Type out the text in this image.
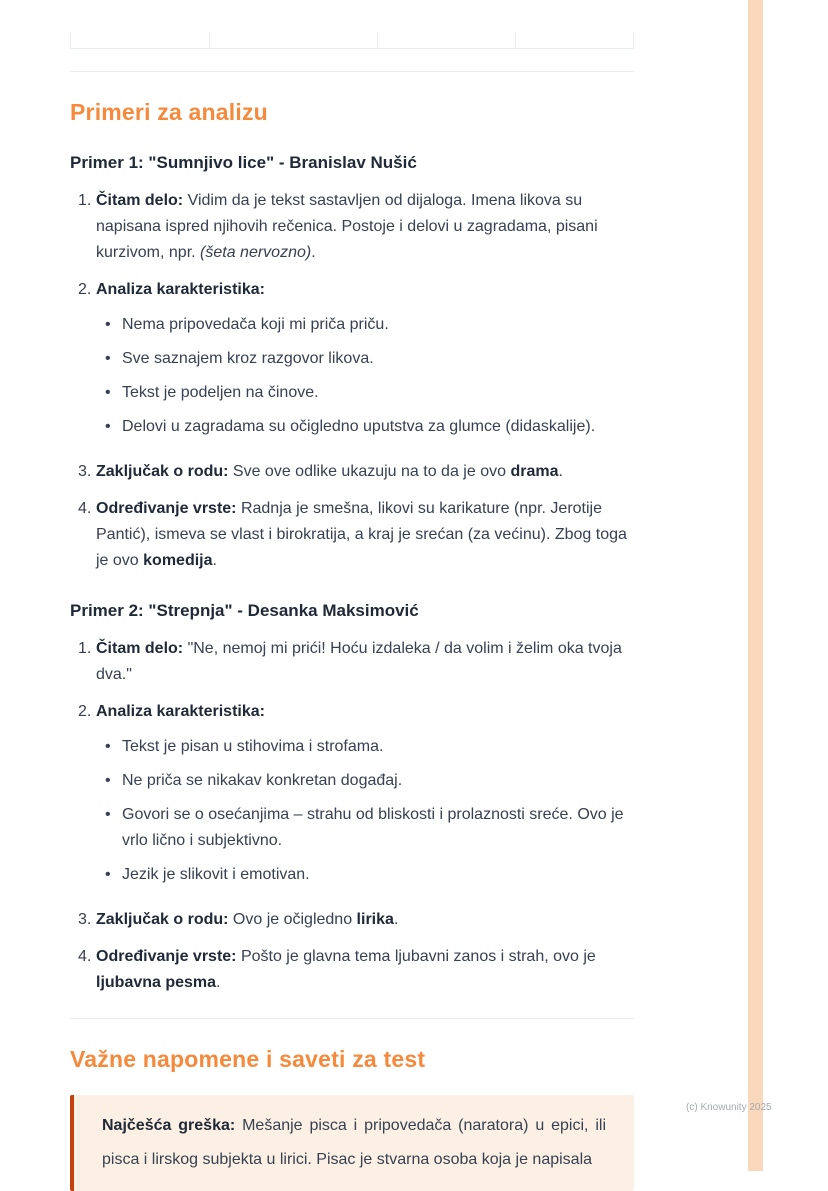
Primeri za analizu
Primer 1: "Sumnjivo lice" - Branislav Nušić
1. Čitam delo: Vidim da je tekst sastavljen od dijaloga. Imena likova su napisana ispred njihovih rečenica. Postoje i delovi u zagradama, pisani kurzivom, npr. (šeta nervozno).
2. Analiza karakteristika:
• Nema pripovedača koji mi priča priču.
• Sve saznajem kroz razgovor likova.
• Tekst je podeljen na činove.
• Delovi u zagradama su očigledno uputstva za glumce (didaskalije).
3. Zaključak o rodu: Sve ove odlike ukazuju na to da je ovo drama.
4. Određivanje vrste: Radnja je smešna, likovi su karikature (npr. Jerotije Pantić), ismeva se vlast i birokratija, a kraj je srećan (za većinu). Zbog toga je ovo komedija.
Primer 2: "Strepnja" - Desanka Maksimović
1. Čitam delo: "Ne, nemoj mi prići! Hoću izdaleka / da volim i želim oka tvoja dva."
2. Analiza karakteristika:
• Tekst je pisan u stihovima i strofama.
• Ne priča se nikakav konkretan događaj.
• Govori se o osećanjima – strahu od bliskosti i prolaznosti sreće. Ovo je vrlo lično i subjektivno.
• Jezik je slikovit i emotivan.
3. Zaključak o rodu: Ovo je očigledno lirika.
4. Određivanje vrste: Pošto je glavna tema ljubavni zanos i strah, ovo je ljubavna pesma.
Važne napomene i saveti za test
Najčešća greška: Mešanje pisca i pripovedača (naratora) u epici, ili pisca i lirskog subjekta u lirici. Pisac je stvarna osoba koja je napisala
(c) Knowunity 2025
